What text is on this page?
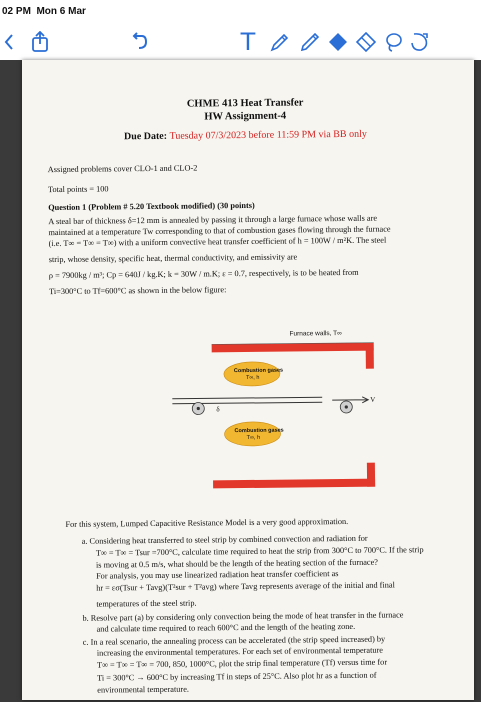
02 PM Mon 6 Mar
T
CHME 413 Heat Transfer
HW Assignment-4
Due Date: Tuesday 07/3/2023 before 11:59 PM via BB only
Assigned problems cover CLO-1 and CLO-2
Total points = 100
Question 1 (Problem # 5.20 Textbook modified) (30 points)
A steal bar of thickness δ=12 mm is annealed by passing it through a large furnace whose walls are
maintained at a temperature Tw corresponding to that of combustion gases flowing through the furnace
(i.e. T∞ = T∞ = T∞) with a uniform convective heat transfer coefficient of h = 100W / m²K. The steel
strip, whose density, specific heat, thermal conductivity, and emissivity are
ρ = 7900kg / m³; Cp = 640J / kg.K; k = 30W / m.K; ε = 0.7, respectively, is to be heated from
Ti=300°C to Tf=600°C as shown in the below figure:
Furnace walls, T∞
Combustion gases
T∞, h
Combustion gases
T∞, h
δ
V
For this system, Lumped Capacitive Resistance Model is a very good approximation.
a. Considering heat transferred to steel strip by combined convection and radiation for
T∞ = T∞ = Tsur =700°C, calculate time required to heat the strip from 300°C to 700°C. If the strip
is moving at 0.5 m/s, what should be the length of the heating section of the furnace?
For analysis, you may use linearized radiation heat transfer coefficient as
hr = εσ(Tsur + Tavg)(T²sur + T²avg) where Tavg represents average of the initial and final
temperatures of the steel strip.
b. Resolve part (a) by considering only convection being the mode of heat transfer in the furnace
and calculate time required to reach 600°C and the length of the heating zone.
c. In a real scenario, the annealing process can be accelerated (the strip speed increased) by
increasing the environmental temperatures. For each set of environmental temperature
T∞ = T∞ = T∞ = 700, 850, 1000°C, plot the strip final temperature (Tf) versus time for
Ti = 300°C → 600°C by increasing Tf in steps of 25°C. Also plot hr as a function of
environmental temperature.
